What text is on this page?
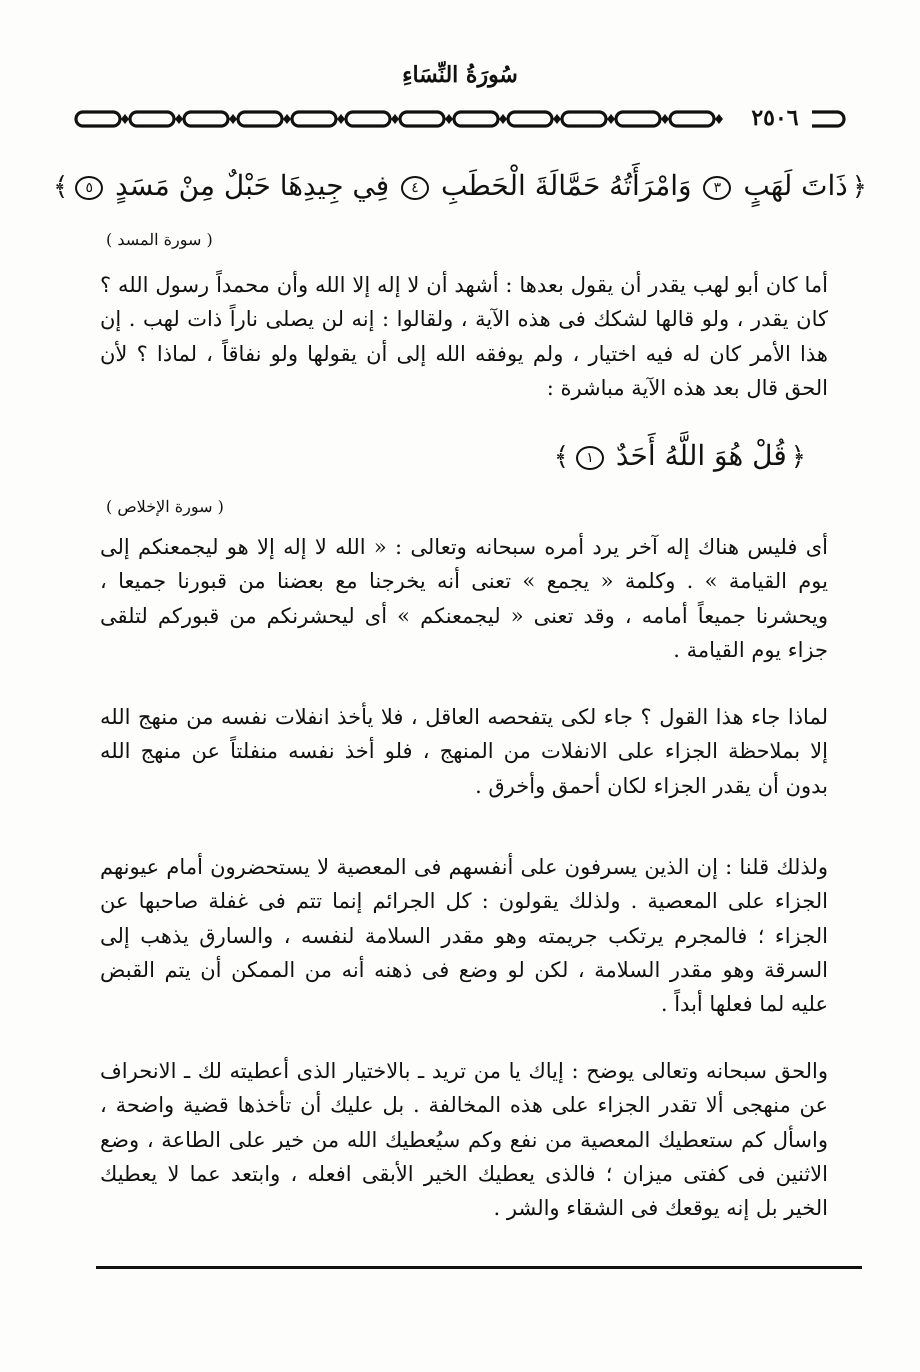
سُورَةُ النِّسَاءِ
٢٥٠٦
﴿ذَاتَ لَهَبٍ ٣ وَامْرَأَتُهُ حَمَّالَةَ الْحَطَبِ ٤ فِي جِيدِهَا حَبْلٌ مِنْ مَسَدٍ ٥﴾
( سورة المسد )

أما كان أبو لهب يقدر أن يقول بعدها : أشهد أن لا إله إلا الله وأن محمداً رسول الله ؟ كان يقدر ، ولو قالها لشكك فى هذه الآية ، ولقالوا : إنه لن يصلى ناراً ذات لهب . إن هذا الأمر كان له فيه اختيار ، ولم يوفقه الله إلى أن يقولها ولو نفاقاً ، لماذا ؟ لأن الحق قال بعد هذه الآية مباشرة :

﴿قُلْ هُوَ اللَّهُ أَحَدٌ ١﴾
( سورة الإخلاص )

أى فليس هناك إله آخر يرد أمره سبحانه وتعالى : « الله لا إله إلا هو ليجمعنكم إلى يوم القيامة » . وكلمة « يجمع » تعنى أنه يخرجنا مع بعضنا من قبورنا جميعا ، ويحشرنا جميعاً أمامه ، وقد تعنى « ليجمعنكم » أى ليحشرنكم من قبوركم لتلقى جزاء يوم القيامة .

لماذا جاء هذا القول ؟ جاء لكى يتفحصه العاقل ، فلا يأخذ انفلات نفسه من منهج الله إلا بملاحظة الجزاء على الانفلات من المنهج ، فلو أخذ نفسه منفلتاً عن منهج الله بدون أن يقدر الجزاء لكان أحمق وأخرق .

ولذلك قلنا : إن الذين يسرفون على أنفسهم فى المعصية لا يستحضرون أمام عيونهم الجزاء على المعصية . ولذلك يقولون : كل الجرائم إنما تتم فى غفلة صاحبها عن الجزاء ؛ فالمجرم يرتكب جريمته وهو مقدر السلامة لنفسه ، والسارق يذهب إلى السرقة وهو مقدر السلامة ، لكن لو وضع فى ذهنه أنه من الممكن أن يتم القبض عليه لما فعلها أبداً .

والحق سبحانه وتعالى يوضح : إياك يا من تريد ـ بالاختيار الذى أعطيته لك ـ الانحراف عن منهجى ألا تقدر الجزاء على هذه المخالفة . بل عليك أن تأخذها قضية واضحة ، واسأل كم ستعطيك المعصية من نفع وكم سيُعطيك الله من خير على الطاعة ، وضع الاثنين فى كفتى ميزان ؛ فالذى يعطيك الخير الأبقى افعله ، وابتعد عما لا يعطيك الخير بل إنه يوقعك فى الشقاء والشر .
